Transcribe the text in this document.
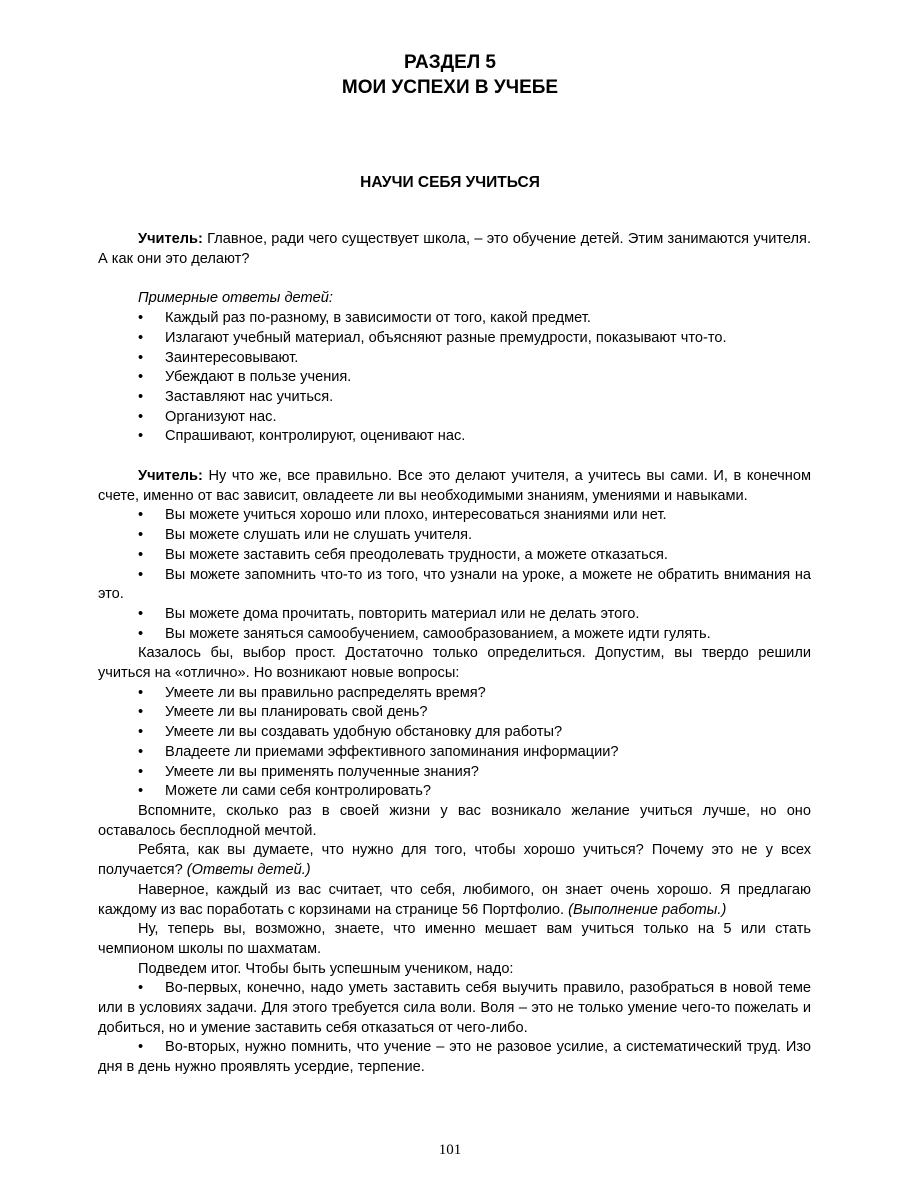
РАЗДЕЛ 5
МОИ УСПЕХИ В УЧЕБЕ
НАУЧИ СЕБЯ УЧИТЬСЯ

Учитель: Главное, ради чего существует школа, – это обучение детей. Этим занимаются учителя. А как они это делают?

Примерные ответы детей:

• Каждый раз по-разному, в зависимости от того, какой предмет.
• Излагают учебный материал, объясняют разные премудрости, показывают что-то.
• Заинтересовывают.
• Убеждают в пользе учения.
• Заставляют нас учиться.
• Организуют нас.
• Спрашивают, контролируют, оценивают нас.

Учитель: Ну что же, все правильно. Все это делают учителя, а учитесь вы сами. И, в конечном счете, именно от вас зависит, овладеете ли вы необходимыми знаниям, умениями и навыками.

• Вы можете учиться хорошо или плохо, интересоваться знаниями или нет.
• Вы можете слушать или не слушать учителя.
• Вы можете заставить себя преодолевать трудности, а можете отказаться.
• Вы можете запомнить что-то из того, что узнали на уроке, а можете не обратить внимания на это.
• Вы можете дома прочитать, повторить материал или не делать этого.
• Вы можете заняться самообучением, самообразованием, а можете идти гулять.

Казалось бы, выбор прост. Достаточно только определиться. Допустим, вы твердо решили учиться на «отлично». Но возникают новые вопросы:

• Умеете ли вы правильно распределять время?
• Умеете ли вы планировать свой день?
• Умеете ли вы создавать удобную обстановку для работы?
• Владеете ли приемами эффективного запоминания информации?
• Умеете ли вы применять полученные знания?
• Можете ли сами себя контролировать?

Вспомните, сколько раз в своей жизни у вас возникало желание учиться лучше, но оно оставалось бесплодной мечтой.

Ребята, как вы думаете, что нужно для того, чтобы хорошо учиться? Почему это не у всех получается? (Ответы детей.)

Наверное, каждый из вас считает, что себя, любимого, он знает очень хорошо. Я предлагаю каждому из вас поработать с корзинами на странице 56 Портфолио. (Выполнение работы.)

Ну, теперь вы, возможно, знаете, что именно мешает вам учиться только на 5 или стать чемпионом школы по шахматам.

Подведем итог. Чтобы быть успешным учеником, надо:

• Во-первых, конечно, надо уметь заставить себя выучить правило, разобраться в новой теме или в условиях задачи. Для этого требуется сила воли. Воля – это не только умение чего-то пожелать и добиться, но и умение заставить себя отказаться от чего-либо.
• Во-вторых, нужно помнить, что учение – это не разовое усилие, а систематический труд. Изо дня в день нужно проявлять усердие, терпение.
101
